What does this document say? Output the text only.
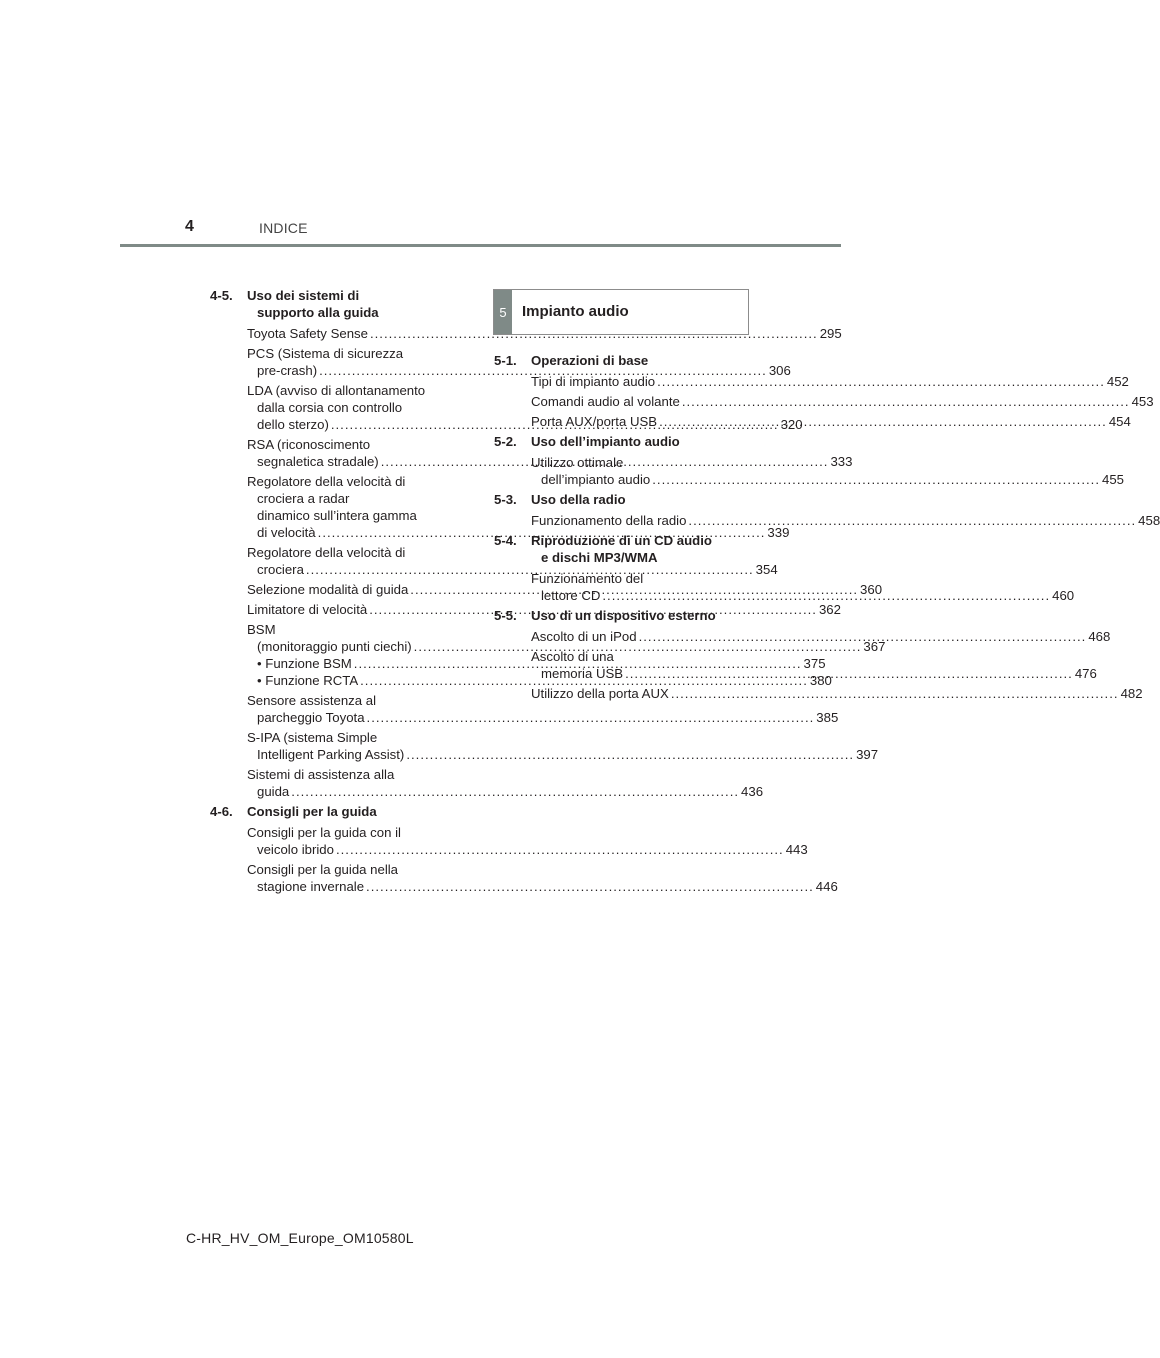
4	INDICE
4-5.	Uso dei sistemi di
supporto alla guida
Toyota Safety Sense .....	295
PCS (Sistema di sicurezza
pre-crash) .....	306
LDA (avviso di allontanamento
dalla corsia con controllo
dello sterzo) .....	320
RSA (riconoscimento
segnaletica stradale) .....	333
Regolatore della velocità di
crociera a radar
dinamico sull’intera gamma
di velocità .....	339
Regolatore della velocità di
crociera .....	354
Selezione modalità di guida .....	360
Limitatore di velocità .....	362
BSM
(monitoraggio punti ciechi) .....	367
• Funzione BSM .....	375
• Funzione RCTA .....	380
Sensore assistenza al
parcheggio Toyota .....	385
S-IPA (sistema Simple
Intelligent Parking Assist) .....	397
Sistemi di assistenza alla
guida .....	436
4-6.	Consigli per la guida
Consigli per la guida con il
veicolo ibrido .....	443
Consigli per la guida nella
stagione invernale .....	446
5	Impianto audio
5-1.	Operazioni di base
Tipi di impianto audio .....	452
Comandi audio al volante .....	453
Porta AUX/porta USB .....	454
5-2.	Uso dell’impianto audio
Utilizzo ottimale
dell’impianto audio .....	455
5-3.	Uso della radio
Funzionamento della radio .....	458
5-4.	Riproduzione di un CD audio
e dischi MP3/WMA
Funzionamento del
lettore CD .....	460
5-5.	Uso di un dispositivo esterno
Ascolto di un iPod .....	468
Ascolto di una
memoria USB .....	476
Utilizzo della porta AUX .....	482
C-HR_HV_OM_Europe_OM10580L
